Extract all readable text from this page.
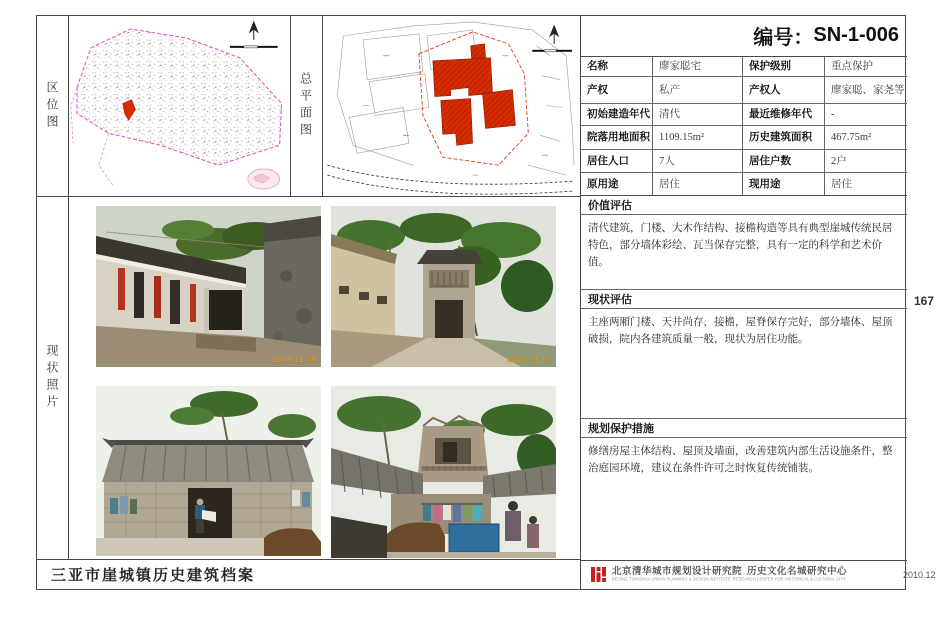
区位图	总平面图
现状照片	2008 11 05	2008 11 05
三亚市崖城镇历史建筑档案
编号： SN-1-006
名称	廖家聪宅	保护级别	重点保护
产权	私产	产权人	廖家聪、家尧等
初始建造年代 清代	最近维修年代	-
院落用地面积 1109.15m²	历史建筑面积	467.75m²
居住人口	7人	居住户数	2户
原用途	居住	现用途	居住
价值评估
清代建筑，门楼、大木作结构、接檐构造等具有典型崖城传统民居特色，部分墙体彩绘、瓦当保存完整，具有一定的科学和艺术价值。
现状评估
主座两厢门楼、天井尚存，接檐，屋脊保存完好，部分墙体、屋顶破损，院内各建筑质量一般，现状为居住功能。
规划保护措施
修缮房屋主体结构、屋顶及墙面，改善建筑内部生活设施条件，整治庭园环境，建议在条件许可之时恢复传统铺装。
北京清华城市规划设计研究院 历史文化名城研究中心
BEIJING TSINGHUA URBAN PLANNING & DESIGN INSTITUTE RESEARCH CENTER FOR HISTORICAL & CULTURAL CITY	2010.12
167
